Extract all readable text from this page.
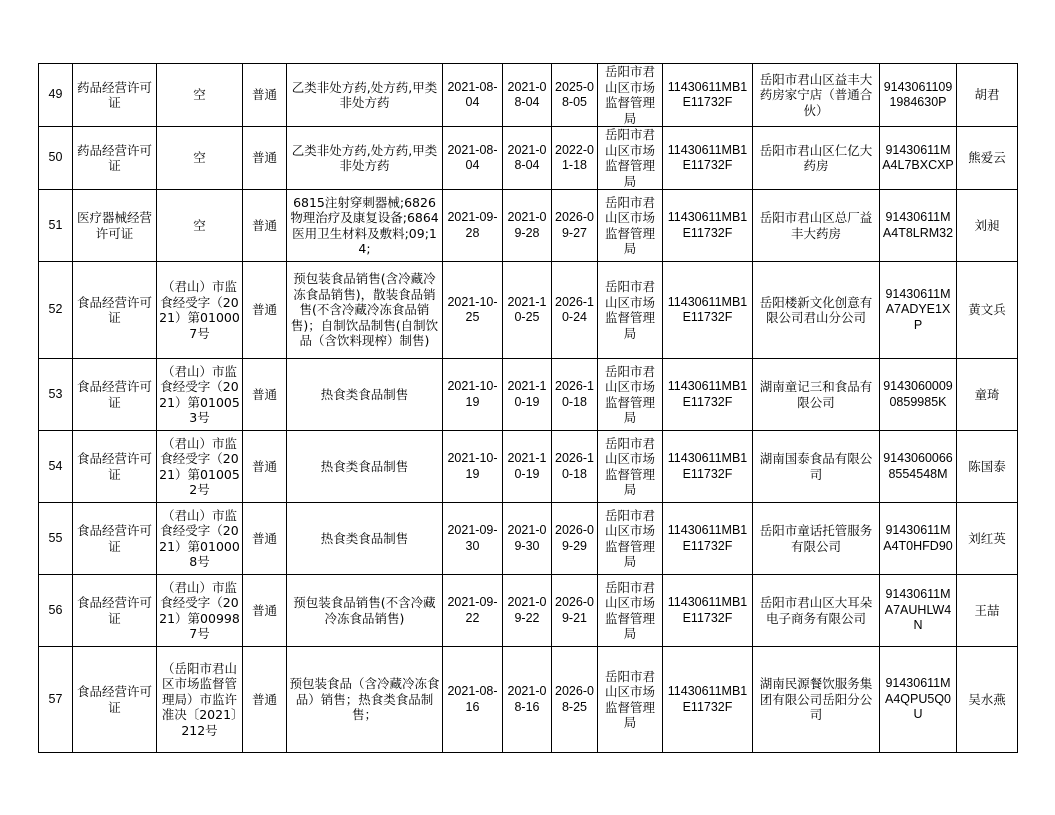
49	药品经营许可证	空	普通	乙类非处方药,处方药,甲类非处方药	2021-08-04	2021-08-04	2025-08-05	岳阳市君山区市场监督管理局	11430611MB1E11732F	岳阳市君山区益丰大药房家宁店（普通合伙）	91430611091984630P	胡君
50	药品经营许可证	空	普通	乙类非处方药,处方药,甲类非处方药	2021-08-04	2021-08-04	2022-01-18	岳阳市君山区市场监督管理局	11430611MB1E11732F	岳阳市君山区仁亿大药房	91430611MA4L7BXCXP	熊爱云
51	医疗器械经营许可证	空	普通	6815注射穿刺器械;6826物理治疗及康复设备;6864医用卫生材料及敷料;09;14;	2021-09-28	2021-09-28	2026-09-27	岳阳市君山区市场监督管理局	11430611MB1E11732F	岳阳市君山区总厂益丰大药房	91430611MA4T8LRM32	刘昶
52	食品经营许可证	（君山）市监食经受字（2021）第010007号	普通	预包装食品销售(含冷藏冷冻食品销售)，散装食品销售(不含冷藏冷冻食品销售)；自制饮品制售(自制饮品（含饮料现榨）制售)	2021-10-25	2021-10-25	2026-10-24	岳阳市君山区市场监督管理局	11430611MB1E11732F	岳阳楼新文化创意有限公司君山分公司	91430611MA7ADYE1XP	黄文兵
53	食品经营许可证	（君山）市监食经受字（2021）第010053号	普通	热食类食品制售	2021-10-19	2021-10-19	2026-10-18	岳阳市君山区市场监督管理局	11430611MB1E11732F	湖南童记三和食品有限公司	91430600090859985K	童琦
54	食品经营许可证	（君山）市监食经受字（2021）第010052号	普通	热食类食品制售	2021-10-19	2021-10-19	2026-10-18	岳阳市君山区市场监督管理局	11430611MB1E11732F	湖南国泰食品有限公司	91430600668554548M	陈国泰
55	食品经营许可证	（君山）市监食经受字（2021）第010008号	普通	热食类食品制售	2021-09-30	2021-09-30	2026-09-29	岳阳市君山区市场监督管理局	11430611MB1E11732F	岳阳市童话托管服务有限公司	91430611MA4T0HFD90	刘红英
56	食品经营许可证	（君山）市监食经受字（2021）第009987号	普通	预包装食品销售(不含冷藏冷冻食品销售)	2021-09-22	2021-09-22	2026-09-21	岳阳市君山区市场监督管理局	11430611MB1E11732F	岳阳市君山区大耳朵电子商务有限公司	91430611MA7AUHLW4N	王喆
57	食品经营许可证	（岳阳市君山区市场监督管理局）市监许准决〔2021〕212号	普通	预包装食品（含冷藏冷冻食品）销售；热食类食品制售；	2021-08-16	2021-08-16	2026-08-25	岳阳市君山区市场监督管理局	11430611MB1E11732F	湖南民源餐饮服务集团有限公司岳阳分公司	91430611MA4QPU5Q0U	吴水燕
